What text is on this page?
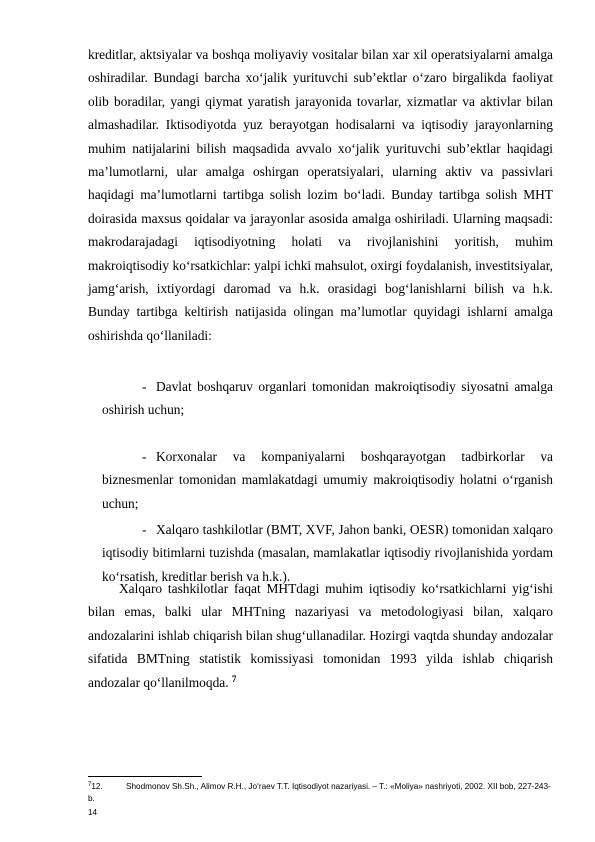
kreditlar, aktsiyalar va boshqa moliyaviy vositalar bilan xar xil operatsiyalarni amalga oshiradilar. Bundagi barcha xo‘jalik yurituvchi sub’ektlar o‘zaro birgalikda faoliyat olib boradilar, yangi qiymat yaratish jarayonida tovarlar, xizmatlar va aktivlar bilan almashadilar. Iktisodiyotda yuz berayotgan hodisalarni va iqtisodiy jarayonlarning muhim natijalarini bilish maqsadida avvalo xo‘jalik yurituvchi sub’ektlar haqidagi ma’lumotlarni, ular amalga oshirgan operatsiyalari, ularning aktiv va passivlari haqidagi ma’lumotlarni tartibga solish lozim bo‘ladi. Bunday tartibga solish MHT doirasida maxsus qoidalar va jarayonlar asosida amalga oshiriladi. Ularning maqsadi: makrodarajadagi iqtisodiyotning holati va rivojlanishini yoritish, muhim makroiqtisodiy ko‘rsatkichlar: yalpi ichki mahsulot, oxirgi foydalanish, investitsiyalar, jamg‘arish, ixtiyordagi daromad va h.k. orasidagi bog‘lanishlarni bilish va h.k. Bunday tartibga keltirish natijasida olingan ma’lumotlar quyidagi ishlarni amalga oshirishda qo‘llaniladi:

- Davlat boshqaruv organlari tomonidan makroiqtisodiy siyosatni amalga oshirish uchun;
- Korxonalar va kompaniyalarni boshqarayotgan tadbirkorlar va biznesmenlar tomonidan mamlakatdagi umumiy makroiqtisodiy holatni o‘rganish uchun;
- Xalqaro tashkilotlar (BMT, XVF, Jahon banki, OESR) tomonidan xalqaro iqtisodiy bitimlarni tuzishda (masalan, mamlakatlar iqtisodiy rivojlanishida yordam ko‘rsatish, kreditlar berish va h.k.).

Xalqaro tashkilotlar faqat MHTdagi muhim iqtisodiy ko‘rsatkichlarni yig‘ishi bilan emas, balki ular MHTning nazariyasi va metodologiyasi bilan, xalqaro andozalarini ishlab chiqarish bilan shug‘ullanadilar. Hozirgi vaqtda shunday andozalar sifatida BMTning statistik komissiyasi tomonidan 1993 yilda ishlab chiqarish andozalar qo‘llanilmoqda. $^7$

$^7$12.	Shodmonov Sh.Sh., Alimov R.H., Jo‘raev T.T. Iqtisodiyot nazariyasi. – T.: «Moliya» nashriyoti, 2002. XII bob, 227-243-b.
14
